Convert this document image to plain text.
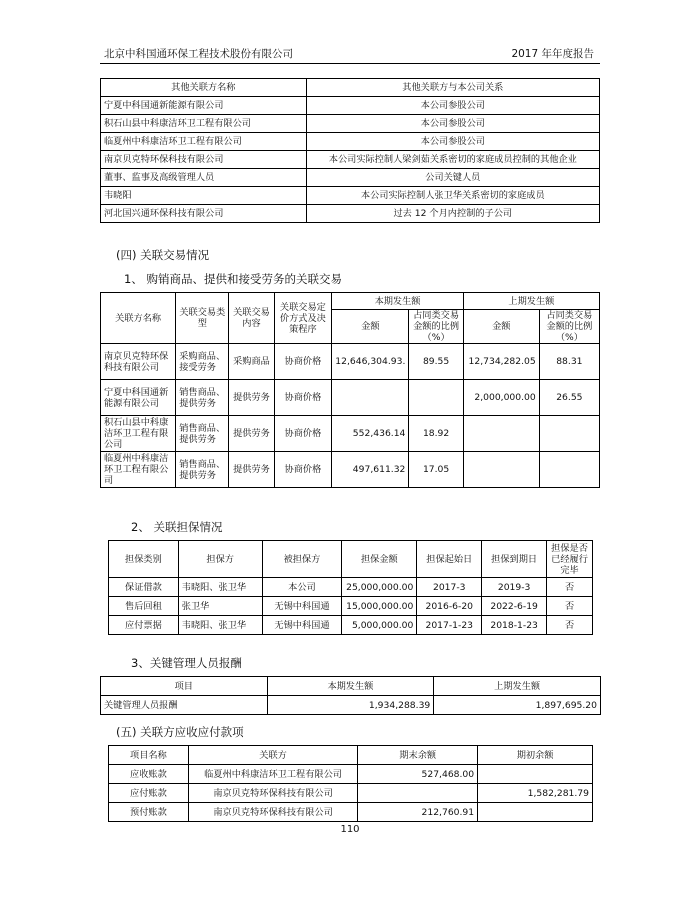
北京中科国通环保工程技术股份有限公司	2017 年年度报告
其他关联方名称	其他关联方与本公司关系
宁夏中科国通新能源有限公司	本公司参股公司
积石山县中科康洁环卫工程有限公司	本公司参股公司
临夏州中科康洁环卫工程有限公司	本公司参股公司
南京贝克特环保科技有限公司	本公司实际控制人梁剑茹关系密切的家庭成员控制的其他企业
董事、监事及高级管理人员	公司关键人员
韦晓阳	本公司实际控制人张卫华关系密切的家庭成员
河北国兴通环保科技有限公司	过去 12 个月内控制的子公司
(四) 关联交易情况
1、 购销商品、提供和接受劳务的关联交易
关联方名称	关联交易类型	关联交易内容	关联交易定价方式及决策程序	本期发生额		上期发生额	
				金额	占同类交易金额的比例（%）	金额	占同类交易金额的比例（%）
南京贝克特环保科技有限公司	采购商品、接受劳务	采购商品	协商价格	12,646,304.93.	89.55	12,734,282.05	88.31
宁夏中科国通新能源有限公司	销售商品、提供劳务	提供劳务	协商价格			2,000,000.00	26.55
积石山县中科康洁环卫工程有限公司	销售商品、提供劳务	提供劳务	协商价格	552,436.14	18.92		
临夏州中科康洁环卫工程有限公司	销售商品、提供劳务	提供劳务	协商价格	497,611.32	17.05		
2、 关联担保情况
担保类别	担保方	被担保方	担保金额	担保起始日	担保到期日	担保是否已经履行完毕
保证借款	韦晓阳、张卫华	本公司	25,000,000.00	2017-3	2019-3	否
售后回租	张卫华	无锡中科国通	15,000,000.00	2016-6-20	2022-6-19	否
应付票据	韦晓阳、张卫华	无锡中科国通	5,000,000.00	2017-1-23	2018-1-23	否
3、关键管理人员报酬
项目	本期发生额	上期发生额
关键管理人员报酬	1,934,288.39	1,897,695.20
(五) 关联方应收应付款项
项目名称	关联方	期末余额	期初余额
应收账款	临夏州中科康洁环卫工程有限公司	527,468.00	
应付账款	南京贝克特环保科技有限公司		1,582,281.79
预付账款	南京贝克特环保科技有限公司	212,760.91	
110
